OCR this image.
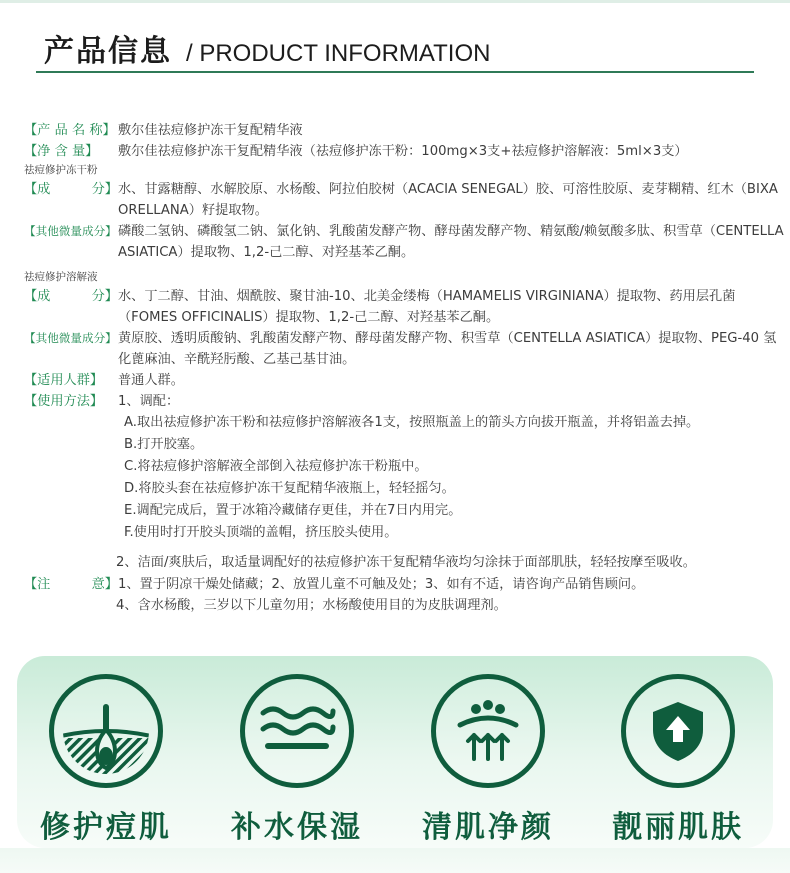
产品信息 / PRODUCT INFORMATION
【产 品 名 称】 敷尔佳祛痘修护冻干复配精华液
【净 含 量】	敷尔佳祛痘修护冻干复配精华液（祛痘修护冻干粉：100mg×3支+祛痘修护溶解液：5ml×3支）
祛痘修护冻干粉
【成	分】 水、甘露糖醇、水解胶原、水杨酸、阿拉伯胶树（ACACIA SENEGAL）胶、可溶性胶原、麦芽糊精、红木（BIXA ORELLANA）籽提取物。
【其他微量成分】 磷酸二氢钠、磷酸氢二钠、氯化钠、乳酸菌发酵产物、酵母菌发酵产物、精氨酸/赖氨酸多肽、积雪草（CENTELLA ASIATICA）提取物、1,2-己二醇、对羟基苯乙酮。
祛痘修护溶解液
【成	分】 水、丁二醇、甘油、烟酰胺、聚甘油-10、北美金缕梅（HAMAMELIS VIRGINIANA）提取物、药用层孔菌（FOMES OFFICINALIS）提取物、1,2-己二醇、对羟基苯乙酮。
【其他微量成分】 黄原胶、透明质酸钠、乳酸菌发酵产物、酵母菌发酵产物、积雪草（CENTELLA ASIATICA）提取物、PEG-40 氢化蓖麻油、辛酰羟肟酸、乙基己基甘油。
【适用人群】	普通人群。
【使用方法】	1、调配：
A.取出祛痘修护冻干粉和祛痘修护溶解液各1支，按照瓶盖上的箭头方向拔开瓶盖，并将铝盖去掉。
B.打开胶塞。
C.将祛痘修护溶解液全部倒入祛痘修护冻干粉瓶中。
D.将胶头套在祛痘修护冻干复配精华液瓶上，轻轻摇匀。
E.调配完成后，置于冰箱冷藏储存更佳，并在7日内用完。
F.使用时打开胶头顶端的盖帽，挤压胶头使用。
2、洁面/爽肤后，取适量调配好的祛痘修护冻干复配精华液均匀涂抹于面部肌肤，轻轻按摩至吸收。
【注	意】 1、置于阴凉干燥处储藏；2、放置儿童不可触及处；3、如有不适，请咨询产品销售顾问。
4、含水杨酸，三岁以下儿童勿用；水杨酸使用目的为皮肤调理剂。
修护痘肌	补水保湿	清肌净颜	靓丽肌肤
